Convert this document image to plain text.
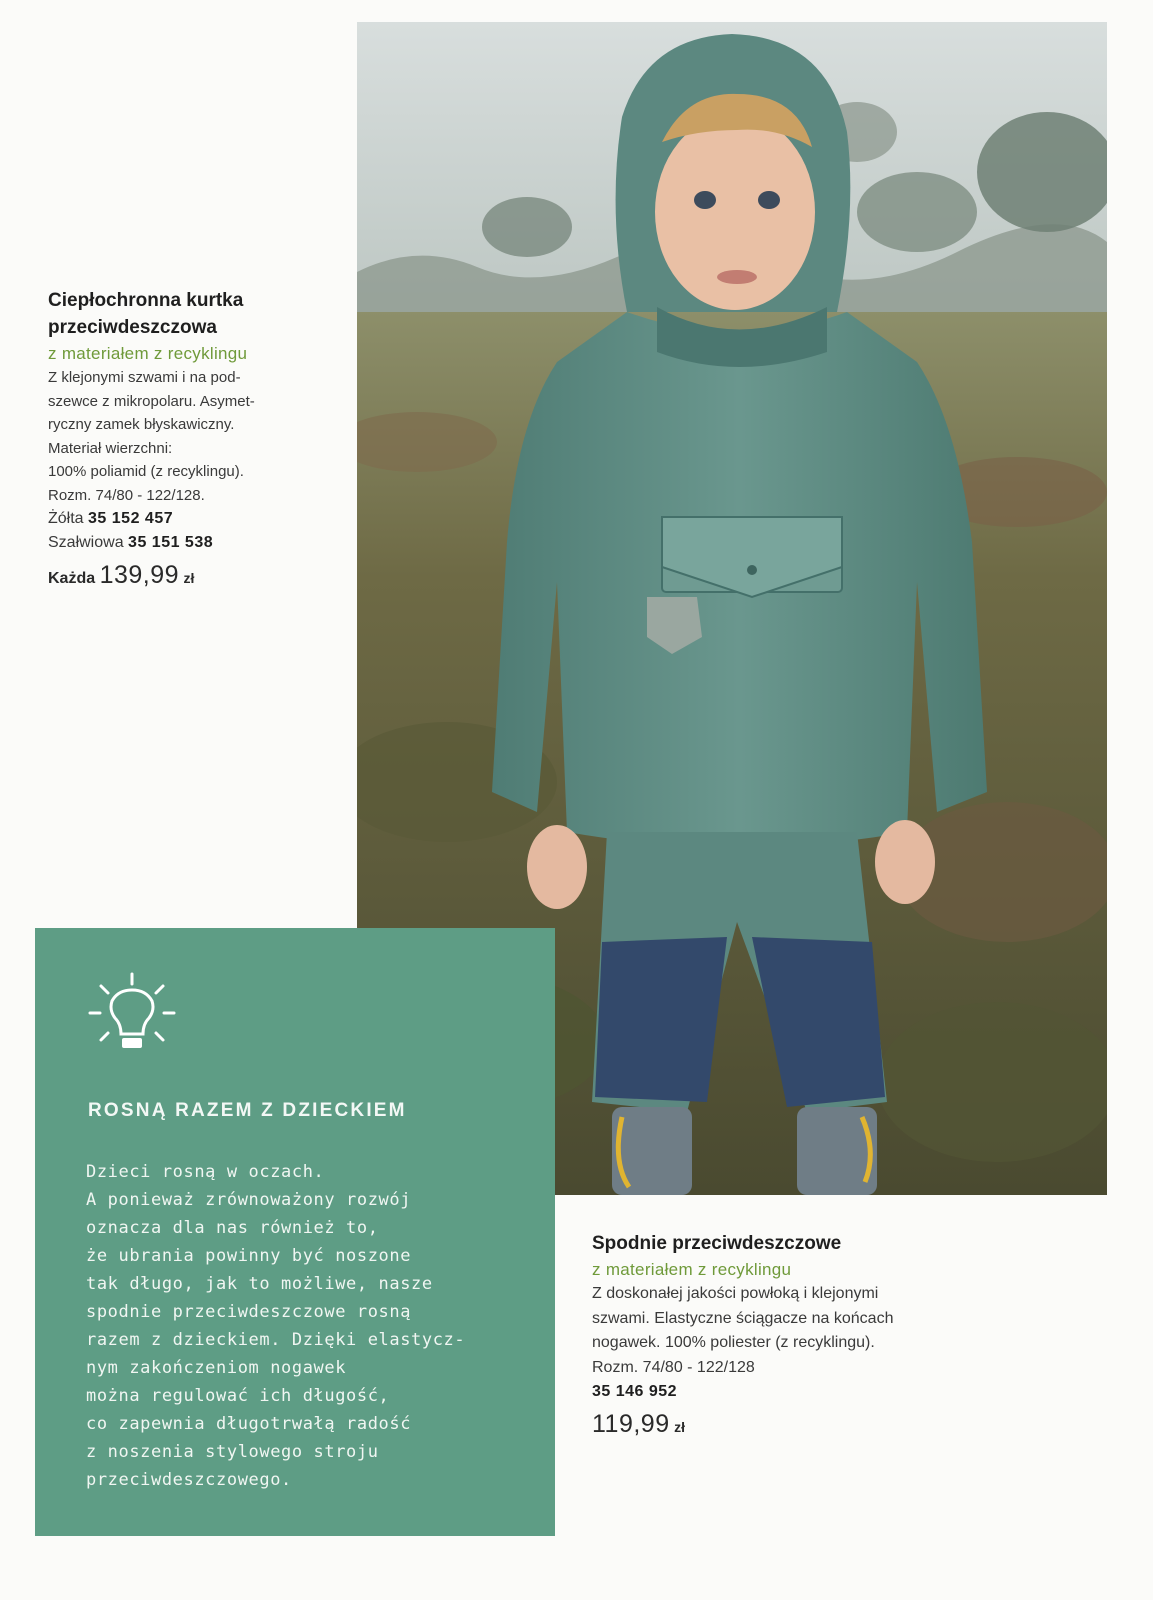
Ciepłochronna kurtka
przeciwdeszczowa
z materiałem z recyklingu
Z klejonymi szwami i na pod-
szewce z mikropolaru. Asymet-
ryczny zamek błyskawiczny.
Materiał wierzchni:
100% poliamid (z recyklingu).
Rozm. 74/80 - 122/128.
Żółta 35 152 457
Szałwiowa 35 151 538
Każda 139,99 zł
ROSNĄ RAZEM Z DZIECKIEM
Dzieci rosną w oczach.
A ponieważ zrównoważony rozwój
oznacza dla nas również to,
że ubrania powinny być noszone
tak długo, jak to możliwe, nasze
spodnie przeciwdeszczowe rosną
razem z dzieckiem. Dzięki elastycz-
nym zakończeniom nogawek
można regulować ich długość,
co zapewnia długotrwałą radość
z noszenia stylowego stroju
przeciwdeszczowego.
Spodnie przeciwdeszczowe
z materiałem z recyklingu
Z doskonałej jakości powłoką i klejonymi
szwami. Elastyczne ściągacze na końcach
nogawek. 100% poliester (z recyklingu).
Rozm. 74/80 - 122/128
35 146 952
119,99 zł
